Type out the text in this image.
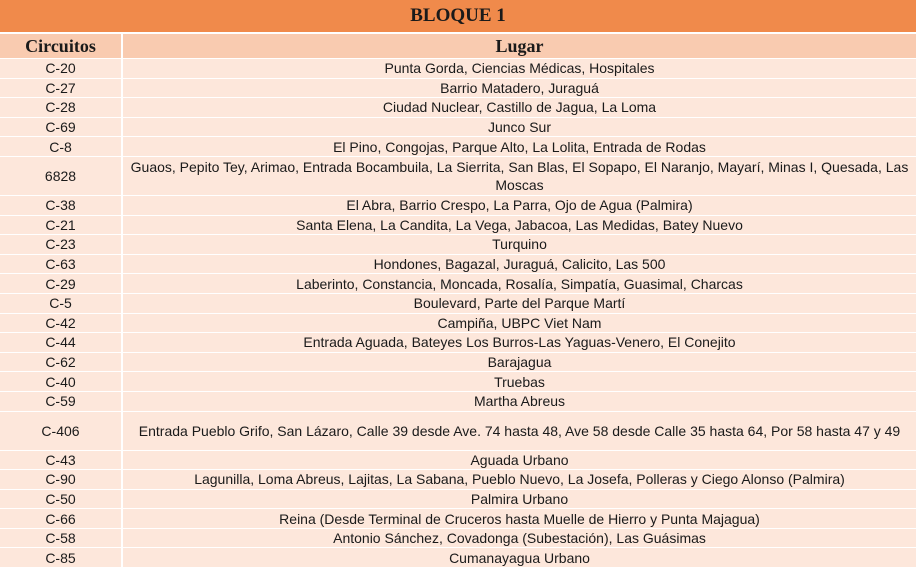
BLOQUE 1
Circuitos	Lugar
C-20	Punta Gorda, Ciencias Médicas, Hospitales
C-27	Barrio Matadero, Juraguá
C-28	Ciudad Nuclear, Castillo de Jagua, La Loma
C-69	Junco Sur
C-8	El Pino, Congojas, Parque Alto, La Lolita, Entrada de Rodas
6828	Guaos, Pepito Tey, Arimao, Entrada Bocambuila, La Sierrita, San Blas, El Sopapo, El Naranjo, Mayarí, Minas I, Quesada, Las Moscas
C-38	El Abra, Barrio Crespo, La Parra, Ojo de Agua (Palmira)
C-21	Santa Elena, La Candita, La Vega, Jabacoa, Las Medidas, Batey Nuevo
C-23	Turquino
C-63	Hondones, Bagazal, Juraguá, Calicito, Las 500
C-29	Laberinto, Constancia, Moncada, Rosalía, Simpatía, Guasimal, Charcas
C-5	Boulevard, Parte del Parque Martí
C-42	Campiña, UBPC Viet Nam
C-44	Entrada Aguada, Bateyes Los Burros-Las Yaguas-Venero, El Conejito
C-62	Barajagua
C-40	Truebas
C-59	Martha Abreus
C-406	Entrada Pueblo Grifo, San Lázaro, Calle 39 desde Ave. 74 hasta 48, Ave 58 desde Calle 35 hasta 64, Por 58 hasta 47 y 49
C-43	Aguada Urbano
C-90	Lagunilla, Loma Abreus, Lajitas, La Sabana, Pueblo Nuevo, La Josefa, Polleras y Ciego Alonso (Palmira)
C-50	Palmira Urbano
C-66	Reina (Desde Terminal de Cruceros hasta Muelle de Hierro y Punta Majagua)
C-58	Antonio Sánchez, Covadonga (Subestación), Las Guásimas
C-85	Cumanayagua Urbano
